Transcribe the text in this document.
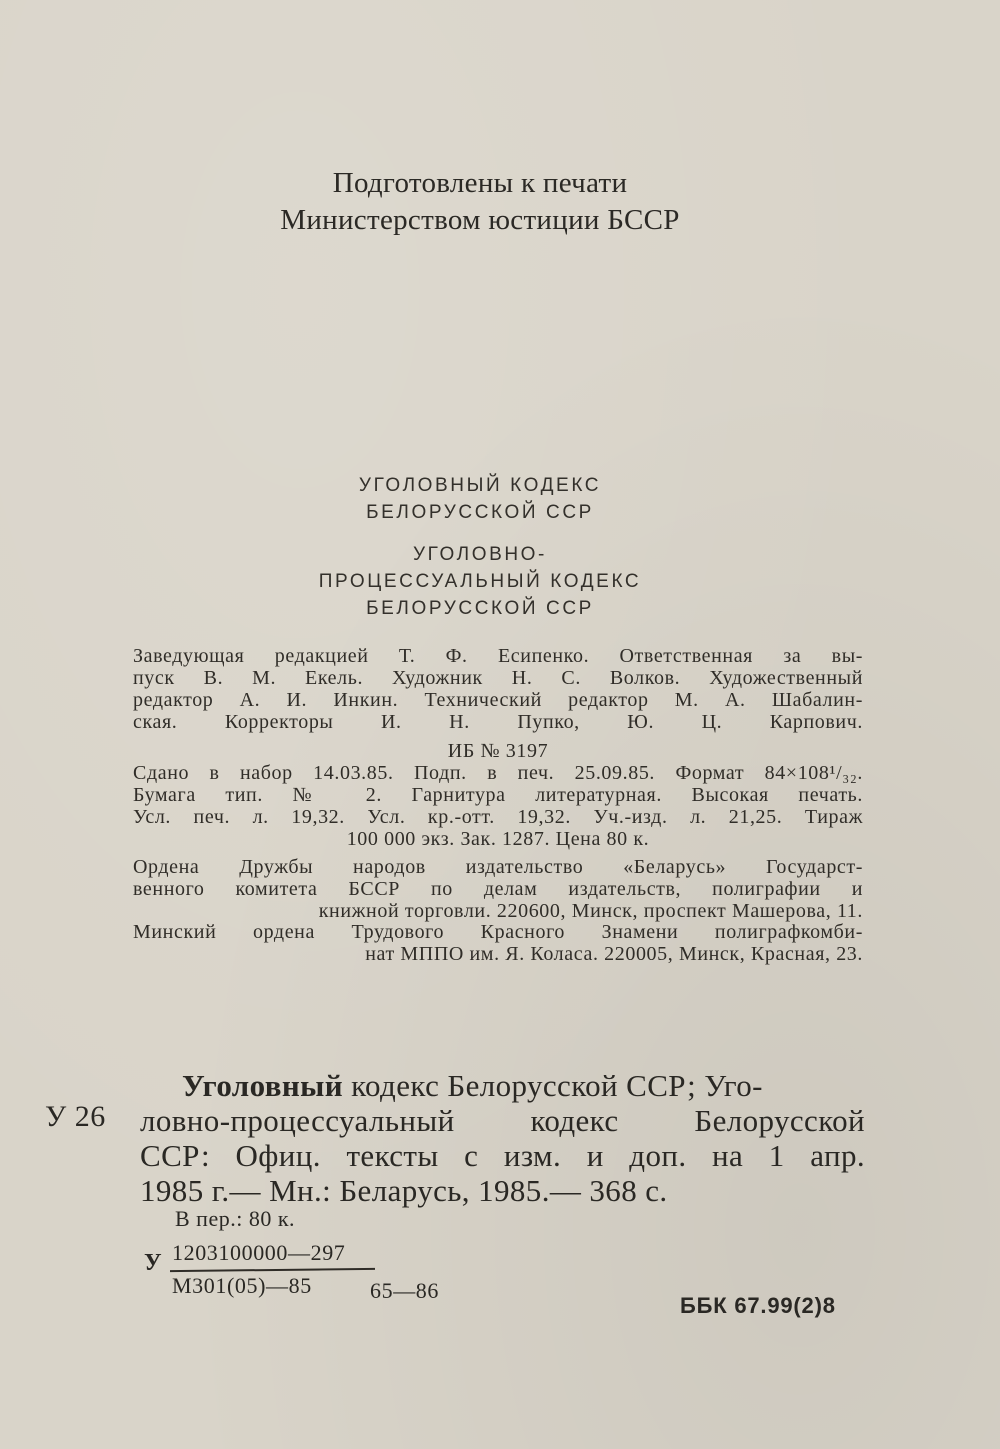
Подготовлены к печати
Министерством юстиции БССР
УГОЛОВНЫЙ КОДЕКС
БЕЛОРУССКОЙ ССР
УГОЛОВНО-
ПРОЦЕССУАЛЬНЫЙ КОДЕКС
БЕЛОРУССКОЙ ССР

Заведующая редакцией Т. Ф. Есипенко. Ответственная за вы-

пуск В. М. Екель. Художник Н. С. Волков. Художественный

редактор А. И. Инкин. Технический редактор М. А. Шабалин-

ская. Корректоры И. Н. Пупко, Ю. Ц. Карпович.

ИБ № 3197

Сдано в набор 14.03.85. Подп. в печ. 25.09.85. Формат 84×108¹/₃₂.

Бумага тип. № 2. Гарнитура литературная. Высокая печать.

Усл. печ. л. 19,32. Усл. кр.-отт. 19,32. Уч.-изд. л. 21,25. Тираж

100 000 экз. Зак. 1287. Цена 80 к.

Ордена Дружбы народов издательство «Беларусь» Государст-

венного комитета БССР по делам издательств, полиграфии и

книжной торговли. 220600, Минск, проспект Машерова, 11.

Минский ордена Трудового Красного Знамени полиграфкомби-

нат МППО им. Я. Коласа. 220005, Минск, Красная, 23.

У 26

Уголовный кодекс Белорусской ССР; Уго-

ловно-процессуальный кодекс Белорусской

ССР: Офиц. тексты с изм. и доп. на 1 апр.

1985 г.— Мн.: Беларусь, 1985.— 368 с.

В пер.: 80 к.
У 1203100000—297
М301(05)—85	65—86
ББК 67.99(2)8
